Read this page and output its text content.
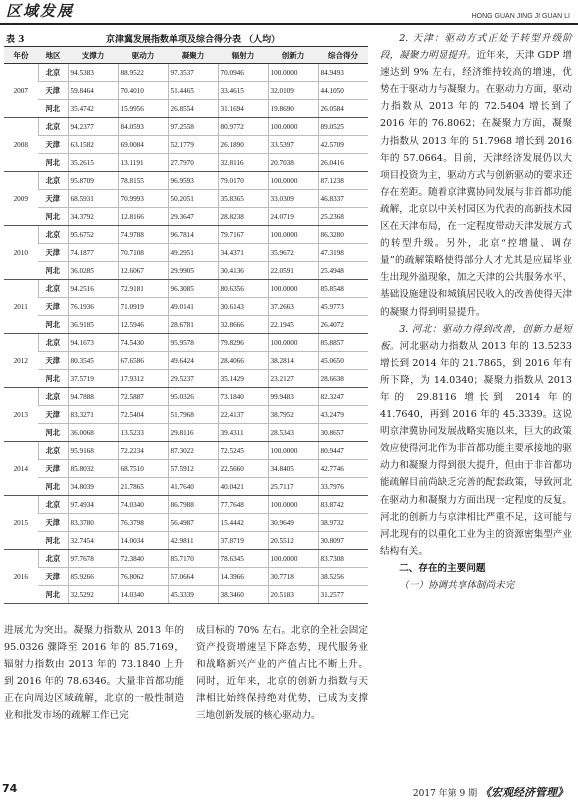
区域发展	HONG GUAN JING JI GUAN LI
表 3	京津冀发展指数单项及综合得分表 （人均）
年份	地区	支撑力	驱动力	凝聚力	辐射力	创新力	综合得分
2007	北京	94.5383	88.9522	97.3537	70.0946	100.0000	84.9493
	天津	59.8464	70.4010	51.4465	33.4615	32.0109	44.1050
	河北	35.4742	15.9956	26.8554	31.1694	19.8690	26.0584
2008	北京	94.2377	84.0593	97.2558	80.9772	100.0000	89.0525
	天津	63.1582	69.0084	52.1779	26.1890	33.5397	42.5709
	河北	35.2615	13.1191	27.7970	32.8116	20.7038	26.0416
2009	北京	95.8709	78.8155	96.9593	79.0170	100.0000	87.1238
	天津	68.5931	70.9993	50.2051	35.8365	33.0309	46.8337
	河北	34.3792	12.8166	29.3647	28.8238	24.0719	25.2368
2010	北京	95.6752	74.9788	96.7814	79.7167	100.0000	86.3280
	天津	74.1877	70.7108	49.2951	34.4371	35.9672	47.3198
	河北	36.0285	12.6067	29.9905	30.4136	22.0591	25.4948
2011	北京	94.2516	72.9181	96.3085	80.6356	100.0000	85.8548
	天津	76.1936	71.0919	49.0141	30.6143	37.2663	45.9773
	河北	36.9185	12.5946	28.6781	32.8666	22.1945	26.4072
2012	北京	94.1673	74.5430	95.9578	79.8296	100.0000	85.8857
	天津	80.3545	67.6586	49.6424	28.4066	38.2814	45.0650
	河北	37.5719	17.9312	29.5237	35.1429	23.2127	28.6638
2013	北京	94.7888	72.5887	95.0326	73.1840	99.9483	82.3247
	天津	83.3271	72.5404	51.7968	22.4137	38.7952	43.2479
	河北	36.0068	13.5233	29.8116	39.4311	28.5343	30.8657
2014	北京	95.9168	72.2234	87.3022	72.5245	100.0000	80.9447
	天津	85.8032	68.7510	57.5912	22.5660	34.8405	42.7746
	河北	34.8039	21.7865	41.7640	40.0421	25.7117	33.7976
2015	北京	97.4934	74.0340	86.7988	77.7648	100.0000	83.8742
	天津	83.3780	76.3798	56.4987	15.4442	30.9649	38.9732
	河北	32.7454	14.0034	42.9811	37.8719	20.5512	30.8097
2016	北京	97.7678	72.3840	85.7170	78.6345	100.0000	83.7308
	天津	85.9266	76.8062	57.0664	14.3966	30.7718	38.5256
	河北	32.5292	14.0340	45.3339	38.3460	20.5183	31.2577

2. 天津：驱动方式正处于转型升级阶段，凝聚力明显提升。近年来，天津 GDP 增速达到 9% 左右，经济维持较高的增速，优势在于驱动力与凝聚力。在驱动力方面，驱动力指数从 2013 年的 72.5404 增长到了 2016 年的 76.8062；在凝聚力方面，凝聚力指数从 2013 年的 51.7968 增长到 2016 年的 57.0664。目前，天津经济发展仍以大项目投资为主，驱动方式与创新驱动的要求还存在差距。随着京津冀协同发展与非首都功能疏解，北京以中关村园区为代表的高新技术园区在天津布局，在一定程度带动天津发展方式的转型升级。另外，北京“控增量、调存量”的疏解策略使得部分人才尤其是应届毕业生出现外溢现象，加之天津的公共服务水平、基础设施建设和城镇居民收入的改善使得天津的凝聚力得到明显提升。

3. 河北：驱动力得到改善，创新力是短板。河北驱动力指数从 2013 年的 13.5233 增长到 2014 年的 21.7865，到 2016 年有所下降，为 14.0340；凝聚力指数从 2013 年的 29.8116 增长到 2014 年的 41.7640，再到 2016 年的 45.3339。这说明京津冀协同发展战略实施以来，巨大的政策效应使得河北作为非首都功能主要承接地的驱动力和凝聚力得到很大提升，但由于非首都功能疏解目前尚缺乏完善的配套政策，导致河北在驱动力和凝聚力方面出现一定程度的反复。河北的创新力与京津相比严重不足，这可能与河北现有的以重化工业为主的资源密集型产业结构有关。

二、存在的主要问题

（一）协调共享体制尚未完

进展尤为突出。凝聚力指数从 2013 年的 95.0326 骤降至 2016 年的 85.7169，辐射力指数由 2013 年的 73.1840 上升到 2016 年的 78.6346。大量非首都功能正在向周边区域疏解，北京的一般性制造业和批发市场的疏解工作已完

成目标的 70% 左右。北京的全社会固定资产投资增速呈下降态势，现代服务业和战略新兴产业的产值占比不断上升。同时，近年来，北京的创新力指数与天津相比始终保持绝对优势，已成为支撑三地创新发展的核心驱动力。

74	2017 年第 9 期 《宏观经济管理》
